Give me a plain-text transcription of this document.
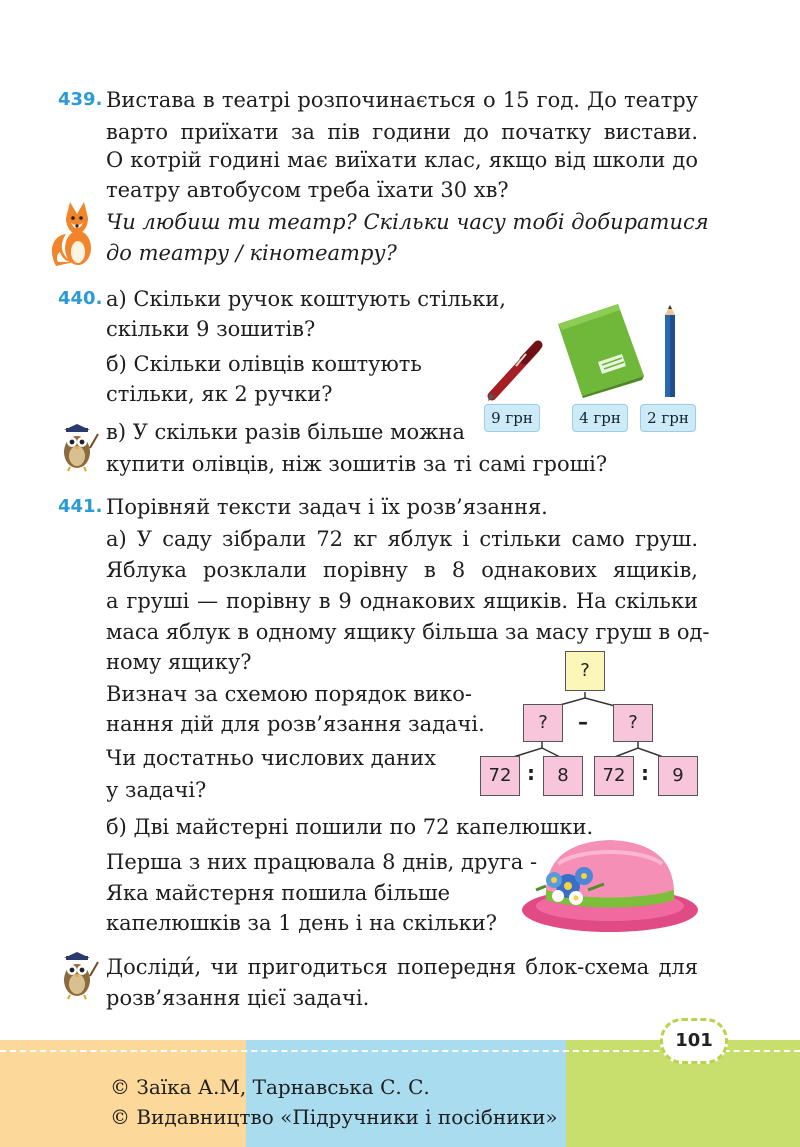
439. Вистава в театрі розпочинається о 15 год. До театру
варто приїхати за пів години до початку вистави.
О котрій годині має виїхати клас, якщо від школи до
театру автобусом треба їхати 30 хв?
Чи любиш ти театр? Скільки часу тобі добиратися
до театру / кінотеатру?
440. а) Скільки ручок коштують стільки,
скільки 9 зошитів?
б) Скільки олівців коштують
стільки, як 2 ручки?
в) У скільки разів більше можна
купити олівців, ніж зошитів за ті самі гроші?
9 грн	4 грн	2 грн
441. Порівняй тексти задач і їх розв’язання.
а) У саду зібрали 72 кг яблук і стільки само груш.
Яблука розклали порівну в 8 однакових ящиків,
а груші — порівну в 9 однакових ящиків. На скільки
маса яблук в одному ящику більша за масу груш в од-
ному ящику?
Визнач за схемою порядок вико-
нання дій для розв’язання задачі.
Чи достатньо числових даних
у задачі?
?
?	–	?
72 :	8	72 :	9
б) Дві майстерні пошили по 72 капелюшки.
Перша з них працювала 8 днів, друга -
Яка майстерня пошила більше
капелюшків за 1 день і на скільки?
Досліди́, чи пригодиться попередня блок-схема для
розв’язання цієї задачі.
101
© Заїка А.М, Тарнавська С. С.
© Видавництво «Підручники і посібники»
